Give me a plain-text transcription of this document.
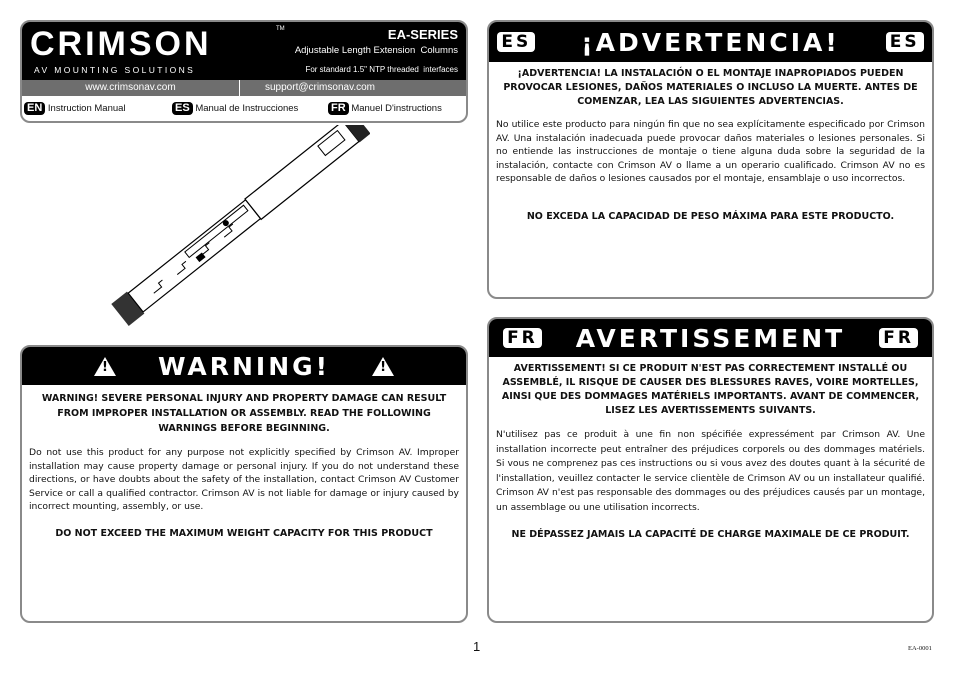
CRIMSON	TM
AV MOUNTING SOLUTIONS
EA-SERIES
Adjustable Length Extension  Columns
For standard 1.5" NTP threaded  interfaces
www.crimsonav.com	support@crimsonav.com
EN Instruction Manual	ES Manual de Instrucciones	FR Manuel D'instructions
! WARNING!	!

WARNING! SEVERE PERSONAL INJURY AND PROPERTY DAMAGE CAN RESULT FROM IMPROPER INSTALLATION OR ASSEMBLY. READ THE FOLLOWING WARNINGS BEFORE BEGINNING.

Do not use this product for any purpose not explicitly specified by Crimson AV. Improper installation may cause property damage or personal injury. If you do not understand these directions, or have doubts about the safety of the installation, contact Crimson AV Customer Service or call a qualified contractor. Crimson AV is not liable for damage or injury caused by incorrect mounting, assembly, or use.

DO NOT EXCEED THE MAXIMUM WEIGHT CAPACITY FOR THIS PRODUCT

ES ¡ADVERTENCIA!	ES

¡ADVERTENCIA! LA INSTALACIÓN O EL MONTAJE INAPROPIADOS PUEDEN PROVOCAR LESIONES, DAÑOS MATERIALES O INCLUSO LA MUERTE. ANTES DE COMENZAR, LEA LAS SIGUIENTES ADVERTENCIAS.

No utilice este producto para ningún fin que no sea explícitamente especificado por Crimson AV. Una instalación inadecuada puede provocar daños materiales o lesiones personales. Si no entiende las instrucciones de montaje o tiene alguna duda sobre la seguridad de la instalación, contacte con Crimson AV o llame a un operario cualificado. Crimson AV no es responsable de daños o lesiones causados por el montaje, ensamblaje o uso incorrectos.

NO EXCEDA LA CAPACIDAD DE PESO MÁXIMA PARA ESTE PRODUCTO.

FR AVERTISSEMENT FR

AVERTISSEMENT! SI CE PRODUIT N'EST PAS CORRECTEMENT INSTALLÉ OU ASSEMBLÉ, IL RISQUE DE CAUSER DES BLESSURES RAVES, VOIRE MORTELLES, AINSI QUE DES DOMMAGES MATÉRIELS IMPORTANTS. AVANT DE COMMENCER, LISEZ LES AVERTISSEMENTS SUIVANTS.

N'utilisez pas ce produit à une fin non spécifiée expressément par Crimson AV. Une installation incorrecte peut entraîner des préjudices corporels ou des dommages matériels. Si vous ne comprenez pas ces instructions ou si vous avez des doutes quant à la sécurité de l'installation, veuillez contacter le service clientèle de Crimson AV ou un installateur qualifié. Crimson AV n'est pas responsable des dommages ou des préjudices causés par un montage, un assemblage ou une utilisation incorrects.

NE DÉPASSEZ JAMAIS LA CAPACITÉ DE CHARGE MAXIMALE DE CE PRODUIT.

1	EA-0001
